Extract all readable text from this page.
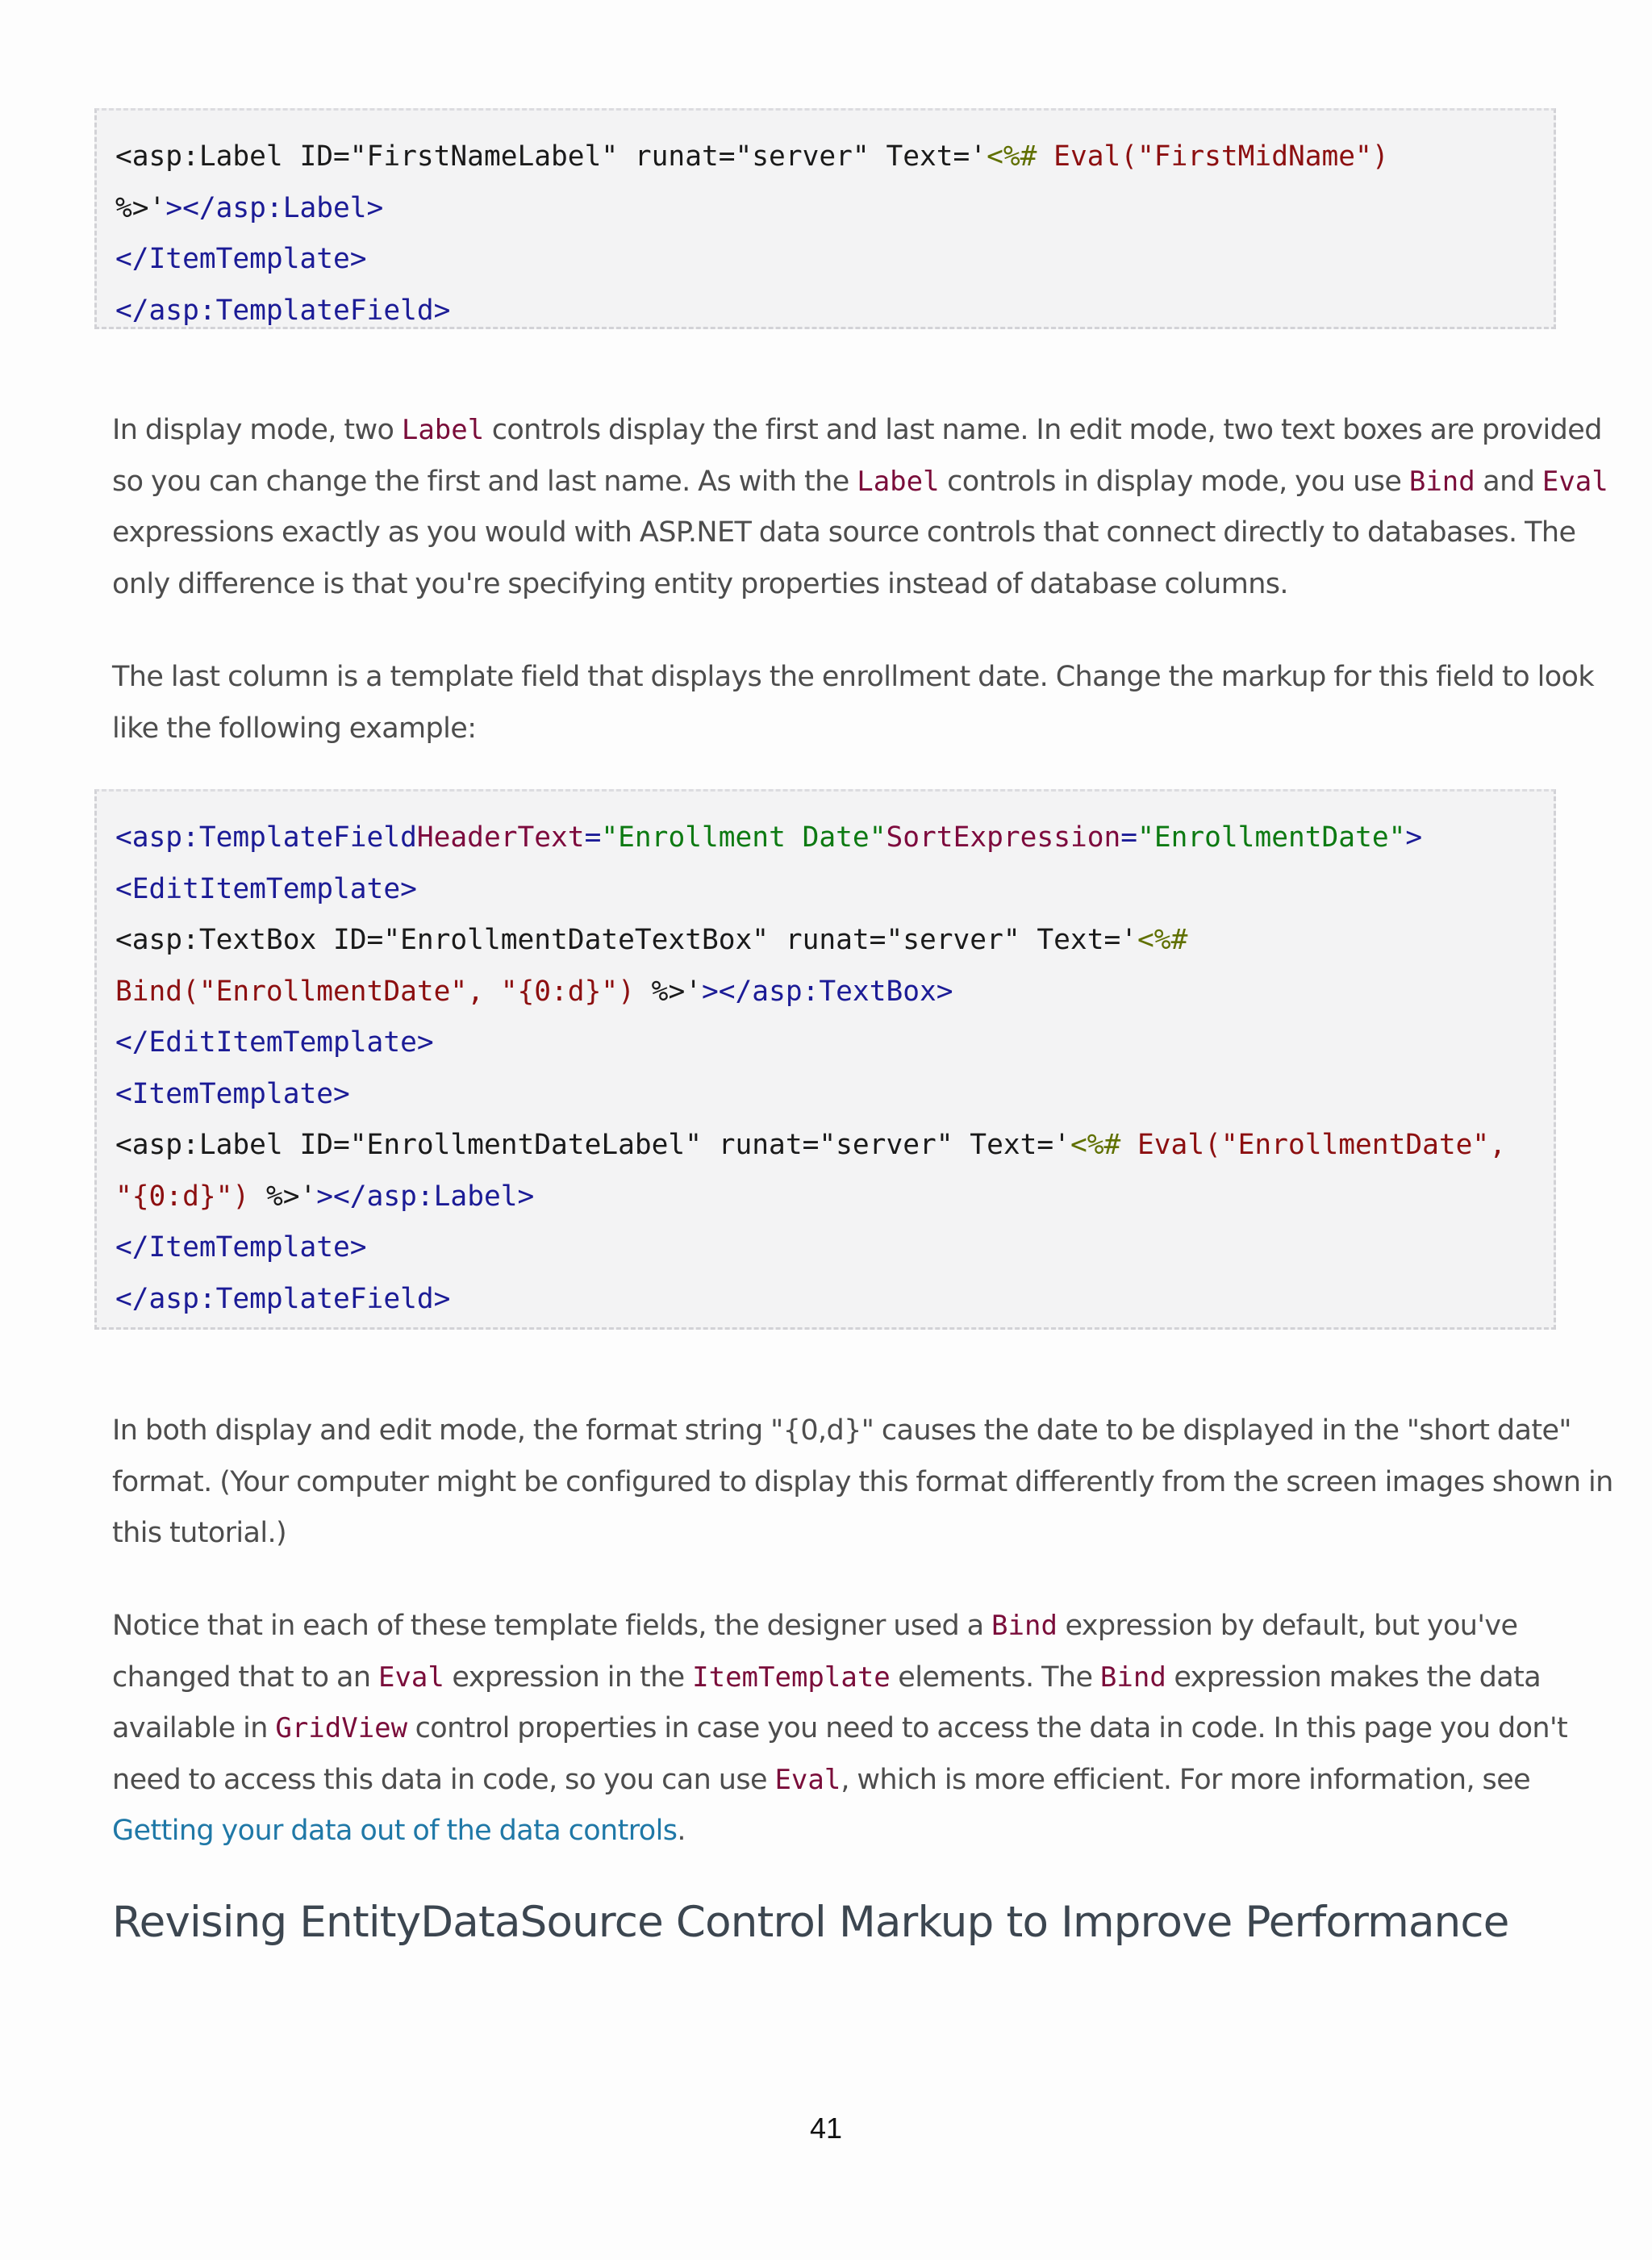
<asp:Label ID="FirstNameLabel" runat="server" Text='<%# Eval("FirstMidName")
%>'></asp:Label>
</ItemTemplate>
</asp:TemplateField>
In display mode, two Label controls display the first and last name. In edit mode, two text boxes are provided
so you can change the first and last name. As with the Label controls in display mode, you use Bind and Eval
expressions exactly as you would with ASP.NET data source controls that connect directly to databases. The
only difference is that you're specifying entity properties instead of database columns.
The last column is a template field that displays the enrollment date. Change the markup for this field to look
like the following example:
<asp:TemplateFieldHeaderText="Enrollment Date"SortExpression="EnrollmentDate">
<EditItemTemplate>
<asp:TextBox ID="EnrollmentDateTextBox" runat="server" Text='<%#
Bind("EnrollmentDate", "{0:d}") %>'></asp:TextBox>
</EditItemTemplate>
<ItemTemplate>
<asp:Label ID="EnrollmentDateLabel" runat="server" Text='<%# Eval("EnrollmentDate",
"{0:d}") %>'></asp:Label>
</ItemTemplate>
</asp:TemplateField>
In both display and edit mode, the format string "{0,d}" causes the date to be displayed in the "short date"
format. (Your computer might be configured to display this format differently from the screen images shown in
this tutorial.)
Notice that in each of these template fields, the designer used a Bind expression by default, but you've
changed that to an Eval expression in the ItemTemplate elements. The Bind expression makes the data
available in GridView control properties in case you need to access the data in code. In this page you don't
need to access this data in code, so you can use Eval, which is more efficient. For more information, see
Getting your data out of the data controls.
Revising EntityDataSource Control Markup to Improve Performance
41
